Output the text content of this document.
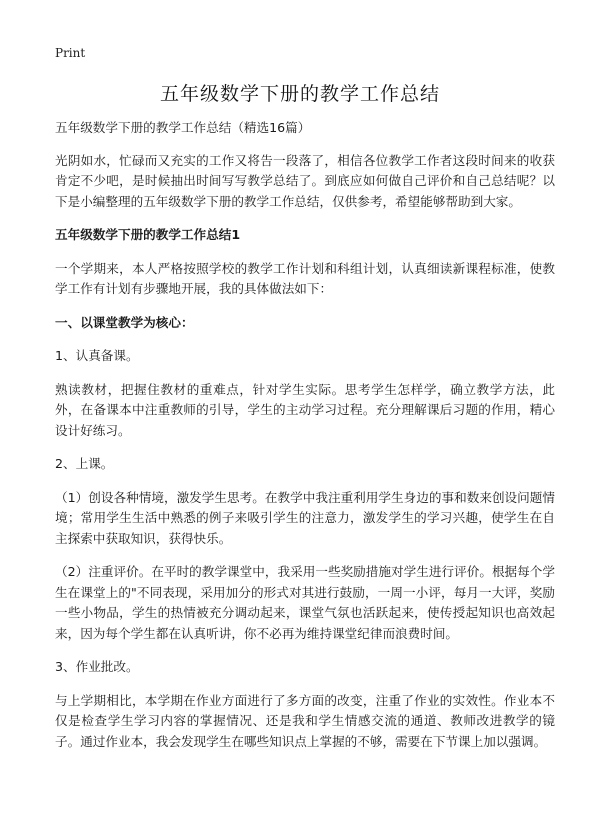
Print
五年级数学下册的教学工作总结

五年级数学下册的教学工作总结（精选16篇）

光阴如水，忙碌而又充实的工作又将告一段落了，相信各位教学工作者这段时间来的收获肯定不少吧，是时候抽出时间写写教学总结了。到底应如何做自己评价和自己总结呢？以下是小编整理的五年级数学下册的教学工作总结，仅供参考，希望能够帮助到大家。

五年级数学下册的教学工作总结1

一个学期来，本人严格按照学校的教学工作计划和科组计划，认真细读新课程标准，使教学工作有计划有步骤地开展，我的具体做法如下：

一、以课堂教学为核心：

1、认真备课。

熟读教材，把握住教材的重难点，针对学生实际。思考学生怎样学，确立教学方法，此外，在备课本中注重教师的引导，学生的主动学习过程。充分理解课后习题的作用，精心设计好练习。

2、上课。

（1）创设各种情境，激发学生思考。在教学中我注重利用学生身边的事和数来创设问题情境；常用学生生活中熟悉的例子来吸引学生的注意力，激发学生的学习兴趣，使学生在自主探索中获取知识，获得快乐。

（2）注重评价。在平时的教学课堂中，我采用一些奖励措施对学生进行评价。根据每个学生在课堂上的"不同表现，采用加分的形式对其进行鼓励，一周一小评，每月一大评，奖励一些小物品，学生的热情被充分调动起来，课堂气氛也活跃起来，使传授起知识也高效起来，因为每个学生都在认真听讲，你不必再为维持课堂纪律而浪费时间。

3、作业批改。

与上学期相比，本学期在作业方面进行了多方面的改变，注重了作业的实效性。作业本不仅是检查学生学习内容的掌握情况、还是我和学生情感交流的通道、教师改进教学的镜子。通过作业本，我会发现学生在哪些知识点上掌握的不够，需要在下节课上加以强调。
